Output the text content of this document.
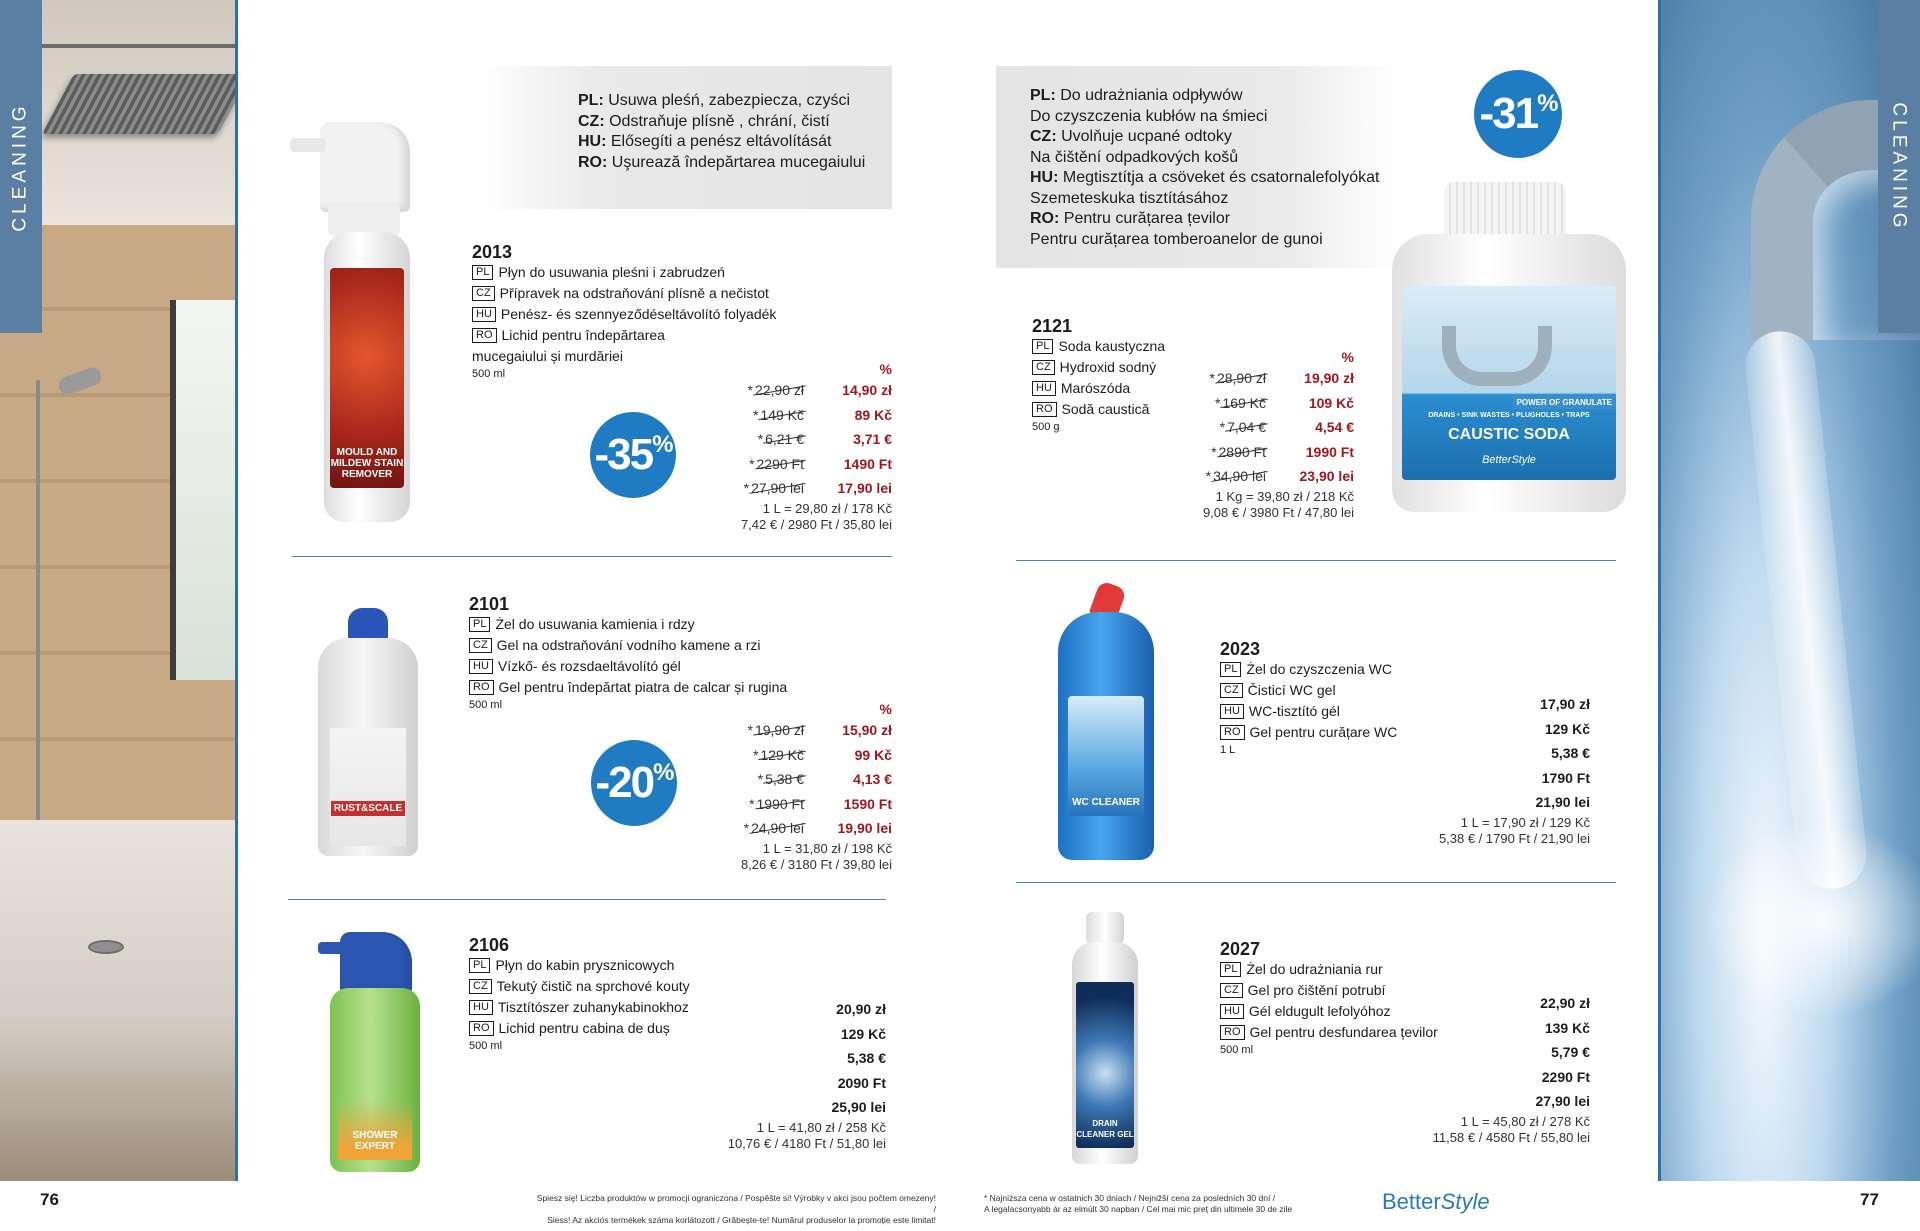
CLEANING	CLEANING
PL: Usuwa pleśń, zabezpiecza, czyści
CZ: Odstraňuje plísně , chrání, čistí
HU: Elősegíti a penész eltávolítását
RO: Uşurează îndepărtarea mucegaiului
MOULD AND MILDEW STAIN REMOVER
2013
PL Płyn do usuwania pleśni i zabrudzeń
CZ Přípravek na odstraňování plísně a nečistot
HU Penész- és szennyeződéseltávolító folyadék
RO Lichid pentru îndepărtarea
mucegaiului și murdăriei
500 ml
-35 %
%
* 22,90 zł	14,90 zł
* 149 Kč	89 Kč
* 6,21 €	3,71 €
* 2290 Ft	1490 Ft
* 27,90 lei	17,90 lei
1 L = 29,80 zł / 178 Kč
7,42 € / 2980 Ft / 35,80 lei
RUST&SCALE
2101
PL Żel do usuwania kamienia i rdzy
CZ Gel na odstraňování vodního kamene a rzi
HU Vízkő- és rozsdaeltávolító gél
RO Gel pentru îndepărtat piatra de calcar și rugina
500 ml
-20 %
%
* 19,90 zł	15,90 zł
* 129 Kč	99 Kč
* 5,38 €	4,13 €
* 1990 Ft	1590 Ft
* 24,90 lei	19,90 lei
1 L = 31,80 zł / 198 Kč
8,26 € / 3180 Ft / 39,80 lei
SHOWER EXPERT
2106
PL Płyn do kabin prysznicowych
CZ Tekutý čistič na sprchové kouty
HU Tisztítószer zuhanykabinokhoz
RO Lichid pentru cabina de duș
500 ml
20,90 zł
129 Kč
5,38 €
2090 Ft
25,90 lei
1 L = 41,80 zł / 258 Kč
10,76 € / 4180 Ft / 51,80 lei
PL: Do udrażniania odpływów
Do czyszczenia kubłów na śmieci
CZ: Uvolňuje ucpané odtoky
Na čištění odpadkových košů
HU: Megtisztítja a csöveket és csatornalefolyókat
Szemeteskuka tisztításához
RO: Pentru curățarea țevilor
Pentru curățarea tomberoanelor de gunoi
-31 %
POWER OF GRANULATE
DRAINS • SINK WASTES • PLUGHOLES • TRAPS
CAUSTIC SODA
BetterStyle
2121
PL Soda kaustyczna
CZ Hydroxid sodný
HU Marószóda
RO Sodă caustică
500 g
%
* 28,90 zł	19,90 zł
* 169 Kč	109 Kč
* 7,04 €	4,54 €
* 2890 Ft	1990 Ft
* 34,90 lei	23,90 lei
1 Kg = 39,80 zł / 218 Kč
9,08 € / 3980 Ft / 47,80 lei
WC CLEANER
2023
PL Żel do czyszczenia WC
CZ Čisticí WC gel
HU WC-tisztító gél
RO Gel pentru curățare WC
1 L
17,90 zł
129 Kč
5,38 €
1790 Ft
21,90 lei
1 L = 17,90 zł / 129 Kč
5,38 € / 1790 Ft / 21,90 lei
DRAIN CLEANER GEL
2027
PL Żel do udrażniania rur
CZ Gel pro čištění potrubí
HU Gél eldugult lefolyóhoz
RO Gel pentru desfundarea țevilor
500 ml
22,90 zł
139 Kč
5,79 €
2290 Ft
27,90 lei
1 L = 45,80 zł / 278 Kč
11,58 € / 4580 Ft / 55,80 lei
76	77
Spiesz się! Liczba produktów w promocji ograniczona / Pospěšte si! Výrobky v akci jsou počtem omezeny! /
Siess! Az akciós termékek száma korlátozott / Grăbește-te! Numărul produselor la promoție este limitat!
* Najniższa cena w ostatnich 30 dniach / Nejnižší cena za posledních 30 dní /
A legalacsonyabb ár az elmúlt 30 napban / Cel mai mic preț din ultimele 30 de zile	BetterStyle
